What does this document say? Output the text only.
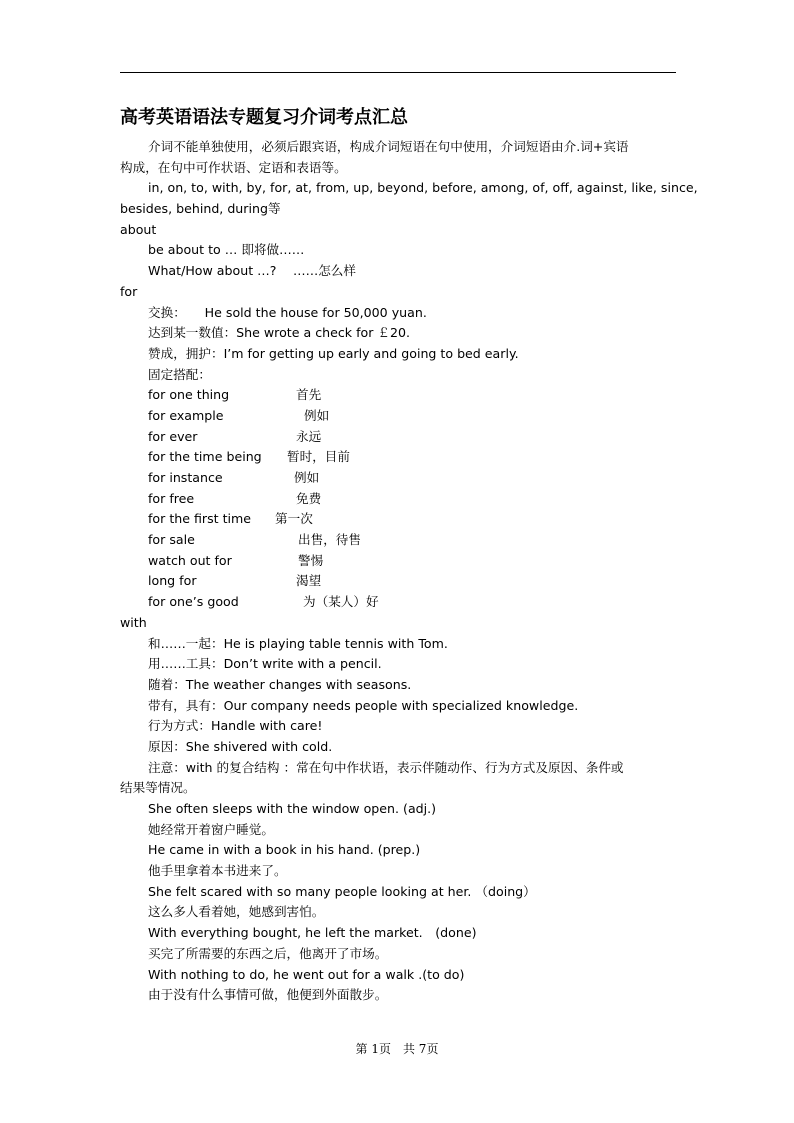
高考英语语法专题复习介词考点汇总
介词不能单独使用，必须后跟宾语，构成介词短语在句中使用，介词短语由介.词+宾语
构成，在句中可作状语、定语和表语等。
in, on, to, with, by, for, at, from, up, beyond, before, among, of, off, against, like, since,
besides, behind, during等
about
be about to … 即将做……
What/How about …?　 ……怎么样
for
交换：　　He sold the house for 50,000 yuan.
达到某一数值：She wrote a check for ￡20.
赞成，拥护：I’m for getting up early and going to bed early.
固定搭配：
for one thing	首先
for example	例如
for ever	永远
for the time being 暂时，目前
for instance	例如
for free	免费
for the first time 第一次
for sale	出售，待售
watch out for	警惕
long for	渴望
for one’s good	为（某人）好
with
和……一起：He is playing table tennis with Tom.
用……工具：Don’t write with a pencil.
随着：The weather changes with seasons.
带有，具有：Our company needs people with specialized knowledge.
行为方式：Handle with care!
原因：She shivered with cold.
注意：with 的复合结构 ：常在句中作状语，表示伴随动作、行为方式及原因、条件或
结果等情况。
She often sleeps with the window open. (adj.)
她经常开着窗户睡觉。
He came in with a book in his hand. (prep.)
他手里拿着本书进来了。
She felt scared with so many people looking at her. （doing）
这么多人看着她，她感到害怕。
With everything bought, he left the market.　(done)
买完了所需要的东西之后，他离开了市场。
With nothing to do, he went out for a walk .(to do)
由于没有什么事情可做，他便到外面散步。
第 1页　共 7页
